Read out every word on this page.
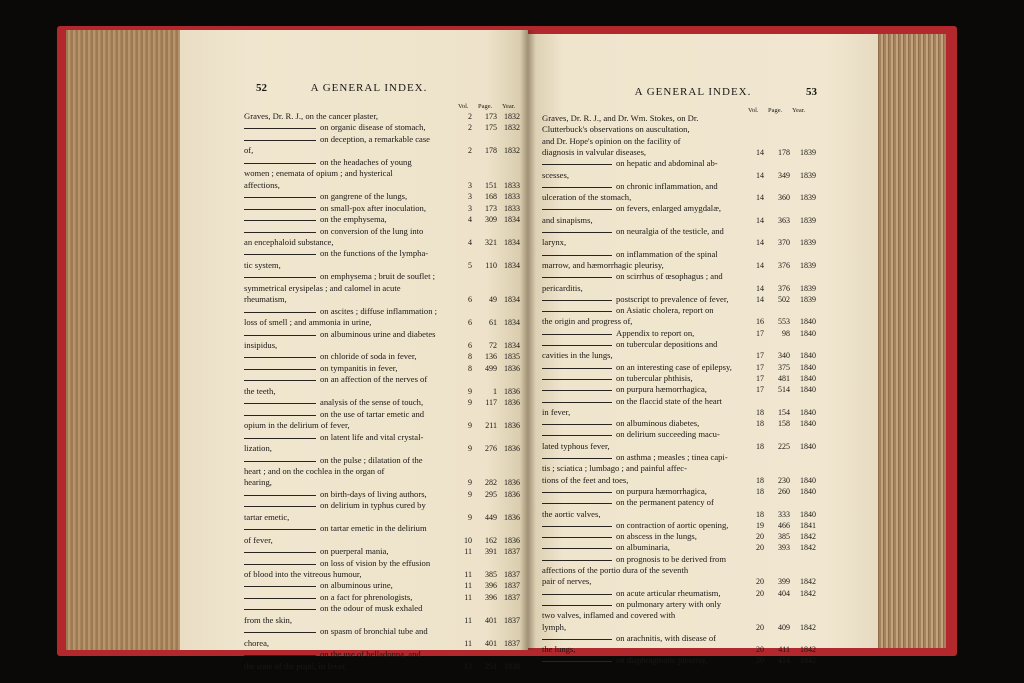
52	A GENERAL INDEX.
Vol. Page. Year.
Graves, Dr. R. J., on the cancer plaster,	2	173 1832
on organic disease of stomach,	2	175 1832
on deception, a remarkable case
of,	2	178 1832
on the headaches of young
women ; enemata of opium ; and hysterical
affections,	3	151 1833
on gangrene of the lungs,	3	168 1833
on small-pox after inoculation,	3	173 1833
on the emphysema,	4	309 1834
on conversion of the lung into
an encephaloid substance,	4	321 1834
on the functions of the lympha-
tic system,	5	110 1834
on emphysema ; bruit de souflet ;
symmetrical erysipelas ; and calomel in acute
rheumatism,	6	49 1834
on ascites ; diffuse inflammation ;
loss of smell ; and ammonia in urine,	6	61 1834
on albuminous urine and diabetes
insipidus,	6	72 1834
on chloride of soda in fever,	8	136 1835
on tympanitis in fever,	8	499 1836
on an affection of the nerves of
the teeth,	9	1 1836
analysis of the sense of touch,	9	117 1836
on the use of tartar emetic and
opium in the delirium of fever,	9	211 1836
on latent life and vital crystal-
lization,	9	276 1836
on the pulse ; dilatation of the
heart ; and on the cochlea in the organ of
hearing,	9	282 1836
on birth-days of living authors,	9	295 1836
on delirium in typhus cured by
tartar emetic,	9	449 1836
on tartar emetic in the delirium
of fever,	10	162 1836
on puerperal mania,	11	391 1837
on loss of vision by the effusion
of blood into the vitreous humour,	11	385 1837
on albuminous urine,	11	396 1837
on a fact for phrenologists,	11	396 1837
on the odour of musk exhaled
from the skin,	11	401 1837
on spasm of bronchial tube and
chorea,	11	401 1837
on the use of belladonna, and
the state of the pupil, in fever,	13	251 1838
A GENERAL INDEX.	53
Vol. Page. Year.
Graves, Dr. R. J., and Dr. Wm. Stokes, on Dr.
Clutterbuck's observations on auscultation,
and Dr. Hope's opinion on the facility of
diagnosis in valvular diseases,	14	178	1839
on hepatic and abdominal ab-
scesses,	14	349	1839
on chronic inflammation, and
ulceration of the stomach,	14	360	1839
on fevers, enlarged amygdalæ,
and sinapisms,	14	363	1839
on neuralgia of the testicle, and
larynx,	14	370	1839
on inflammation of the spinal
marrow, and hæmorrhagic pleurisy,	14	376	1839
on scirrhus of œsophagus ; and
pericarditis,	14	376	1839
postscript to prevalence of fever,	14	502	1839
on Asiatic cholera, report on
the origin and progress of,	16	553	1840
Appendix to report on,	17	98	1840
on tubercular depositions and
cavities in the lungs,	17	340	1840
on an interesting case of epilepsy,	17	375	1840
on tubercular phthisis,	17	481	1840
on purpura hæmorrhagica,	17	514	1840
on the flaccid state of the heart
in fever,	18	154	1840
on albuminous diabetes,	18	158	1840
on delirium succeeding macu-
lated typhous fever,	18	225	1840
on asthma ; measles ; tinea capi-
tis ; sciatica ; lumbago ; and painful affec-
tions of the feet and toes,	18	230	1840
on purpura hæmorrhagica,	18	260	1840
on the permanent patency of
the aortic valves,	18	333	1840
on contraction of aortic opening,	19	466	1841
on abscess in the lungs,	20	385	1842
on albuminaria,	20	393	1842
on prognosis to be derived from
affections of the portio dura of the seventh
pair of nerves,	20	399	1842
on acute articular rheumatism,	20	404	1842
on pulmonary artery with only
two valves, inflamed and covered with
lymph,	20	409	1842
on arachnitis, with disease of
the lungs,	20	411	1842
on diaphragmatic pleurisy,	20	414	1842
